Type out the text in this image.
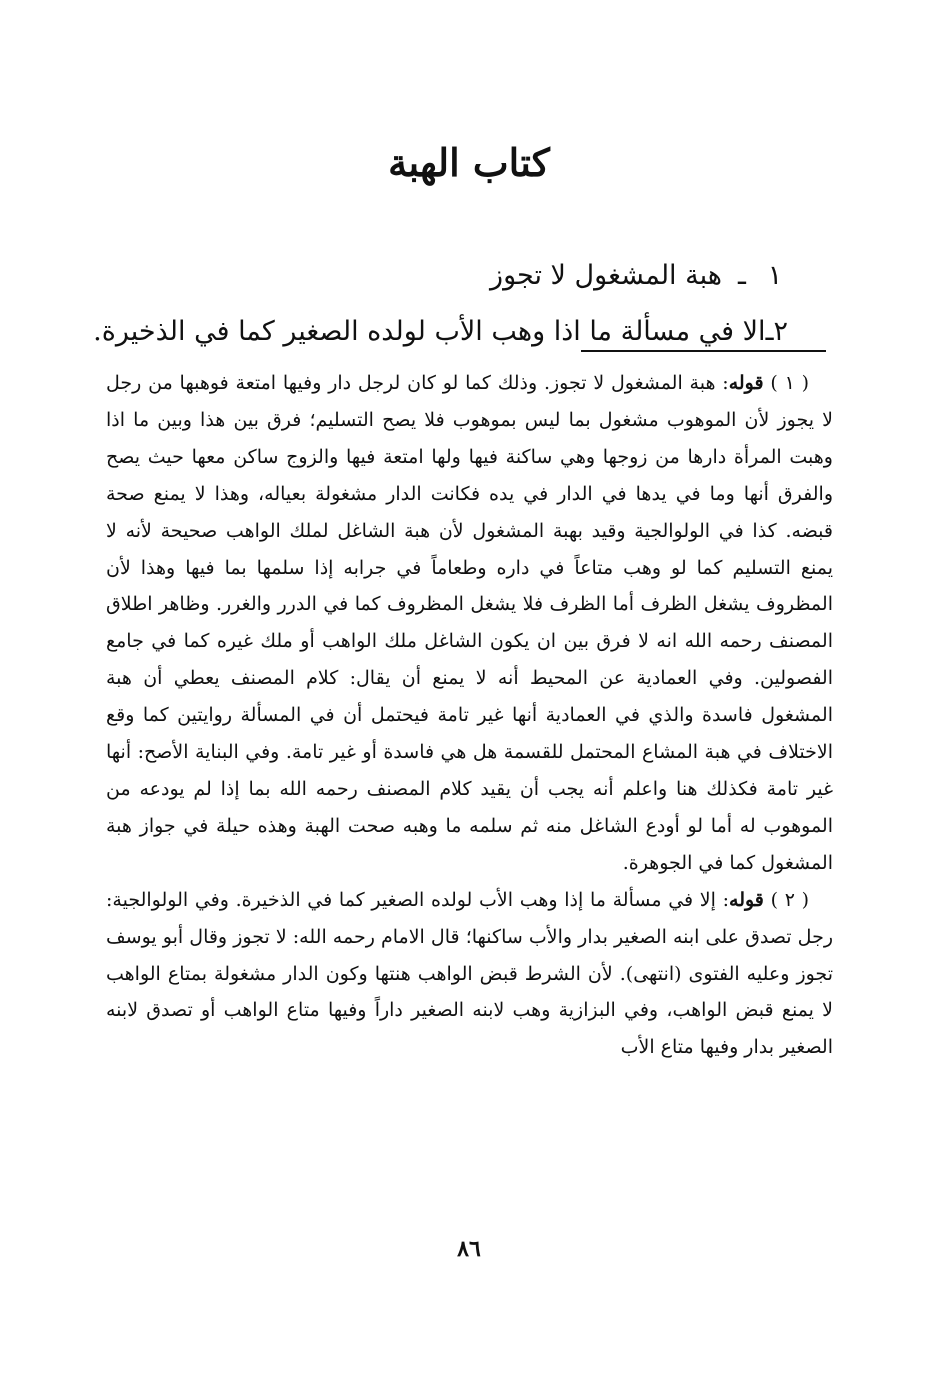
كتاب الهبة
١
ـ
هبة المشغول لا تجوز
٢
ـ
الا في مسألة ما اذا وهب الأب لولده الصغير كما في الذخيرة.

( ١ ) قوله: هبة المشغول لا تجوز. وذلك كما لو كان لرجل دار وفيها امتعة فوهبها من رجل لا يجوز لأن الموهوب مشغول بما ليس بموهوب فلا يصح التسليم؛ فرق بين هذا وبين ما اذا وهبت المرأة دارها من زوجها وهي ساكنة فيها ولها امتعة فيها والزوج ساكن معها حيث يصح والفرق أنها وما في يدها في الدار في يده فكانت الدار مشغولة بعياله، وهذا لا يمنع صحة قبضه. كذا في الولوالجية وقيد بهبة المشغول لأن هبة الشاغل لملك الواهب صحيحة لأنه لا يمنع التسليم كما لو وهب متاعاً في داره وطعاماً في جرابه إذا سلمها بما فيها وهذا لأن المظروف يشغل الظرف أما الظرف فلا يشغل المظروف كما في الدرر والغرر. وظاهر اطلاق المصنف رحمه الله انه لا فرق بين ان يكون الشاغل ملك الواهب أو ملك غيره كما في جامع الفصولين. وفي العمادية عن المحيط أنه لا يمنع أن يقال: كلام المصنف يعطي أن هبة المشغول فاسدة والذي في العمادية أنها غير تامة فيحتمل أن في المسألة روايتين كما وقع الاختلاف في هبة المشاع المحتمل للقسمة هل هي فاسدة أو غير تامة. وفي البناية الأصح: أنها غير تامة فكذلك هنا واعلم أنه يجب أن يقيد كلام المصنف رحمه الله بما إذا لم يودعه من الموهوب له أما لو أودع الشاغل منه ثم سلمه ما وهبه صحت الهبة وهذه حيلة في جواز هبة المشغول كما في الجوهرة.

( ٢ ) قوله: إلا في مسألة ما إذا وهب الأب لولده الصغير كما في الذخيرة. وفي الولوالجية: رجل تصدق على ابنه الصغير بدار والأب ساكنها؛ قال الامام رحمه الله: لا تجوز وقال أبو يوسف تجوز وعليه الفتوى (انتهى). لأن الشرط قبض الواهب هنتها وكون الدار مشغولة بمتاع الواهب لا يمنع قبض الواهب، وفي البزازية وهب لابنه الصغير داراً وفيها متاع الواهب أو تصدق لابنه الصغير بدار وفيها متاع الأب

٨٦
